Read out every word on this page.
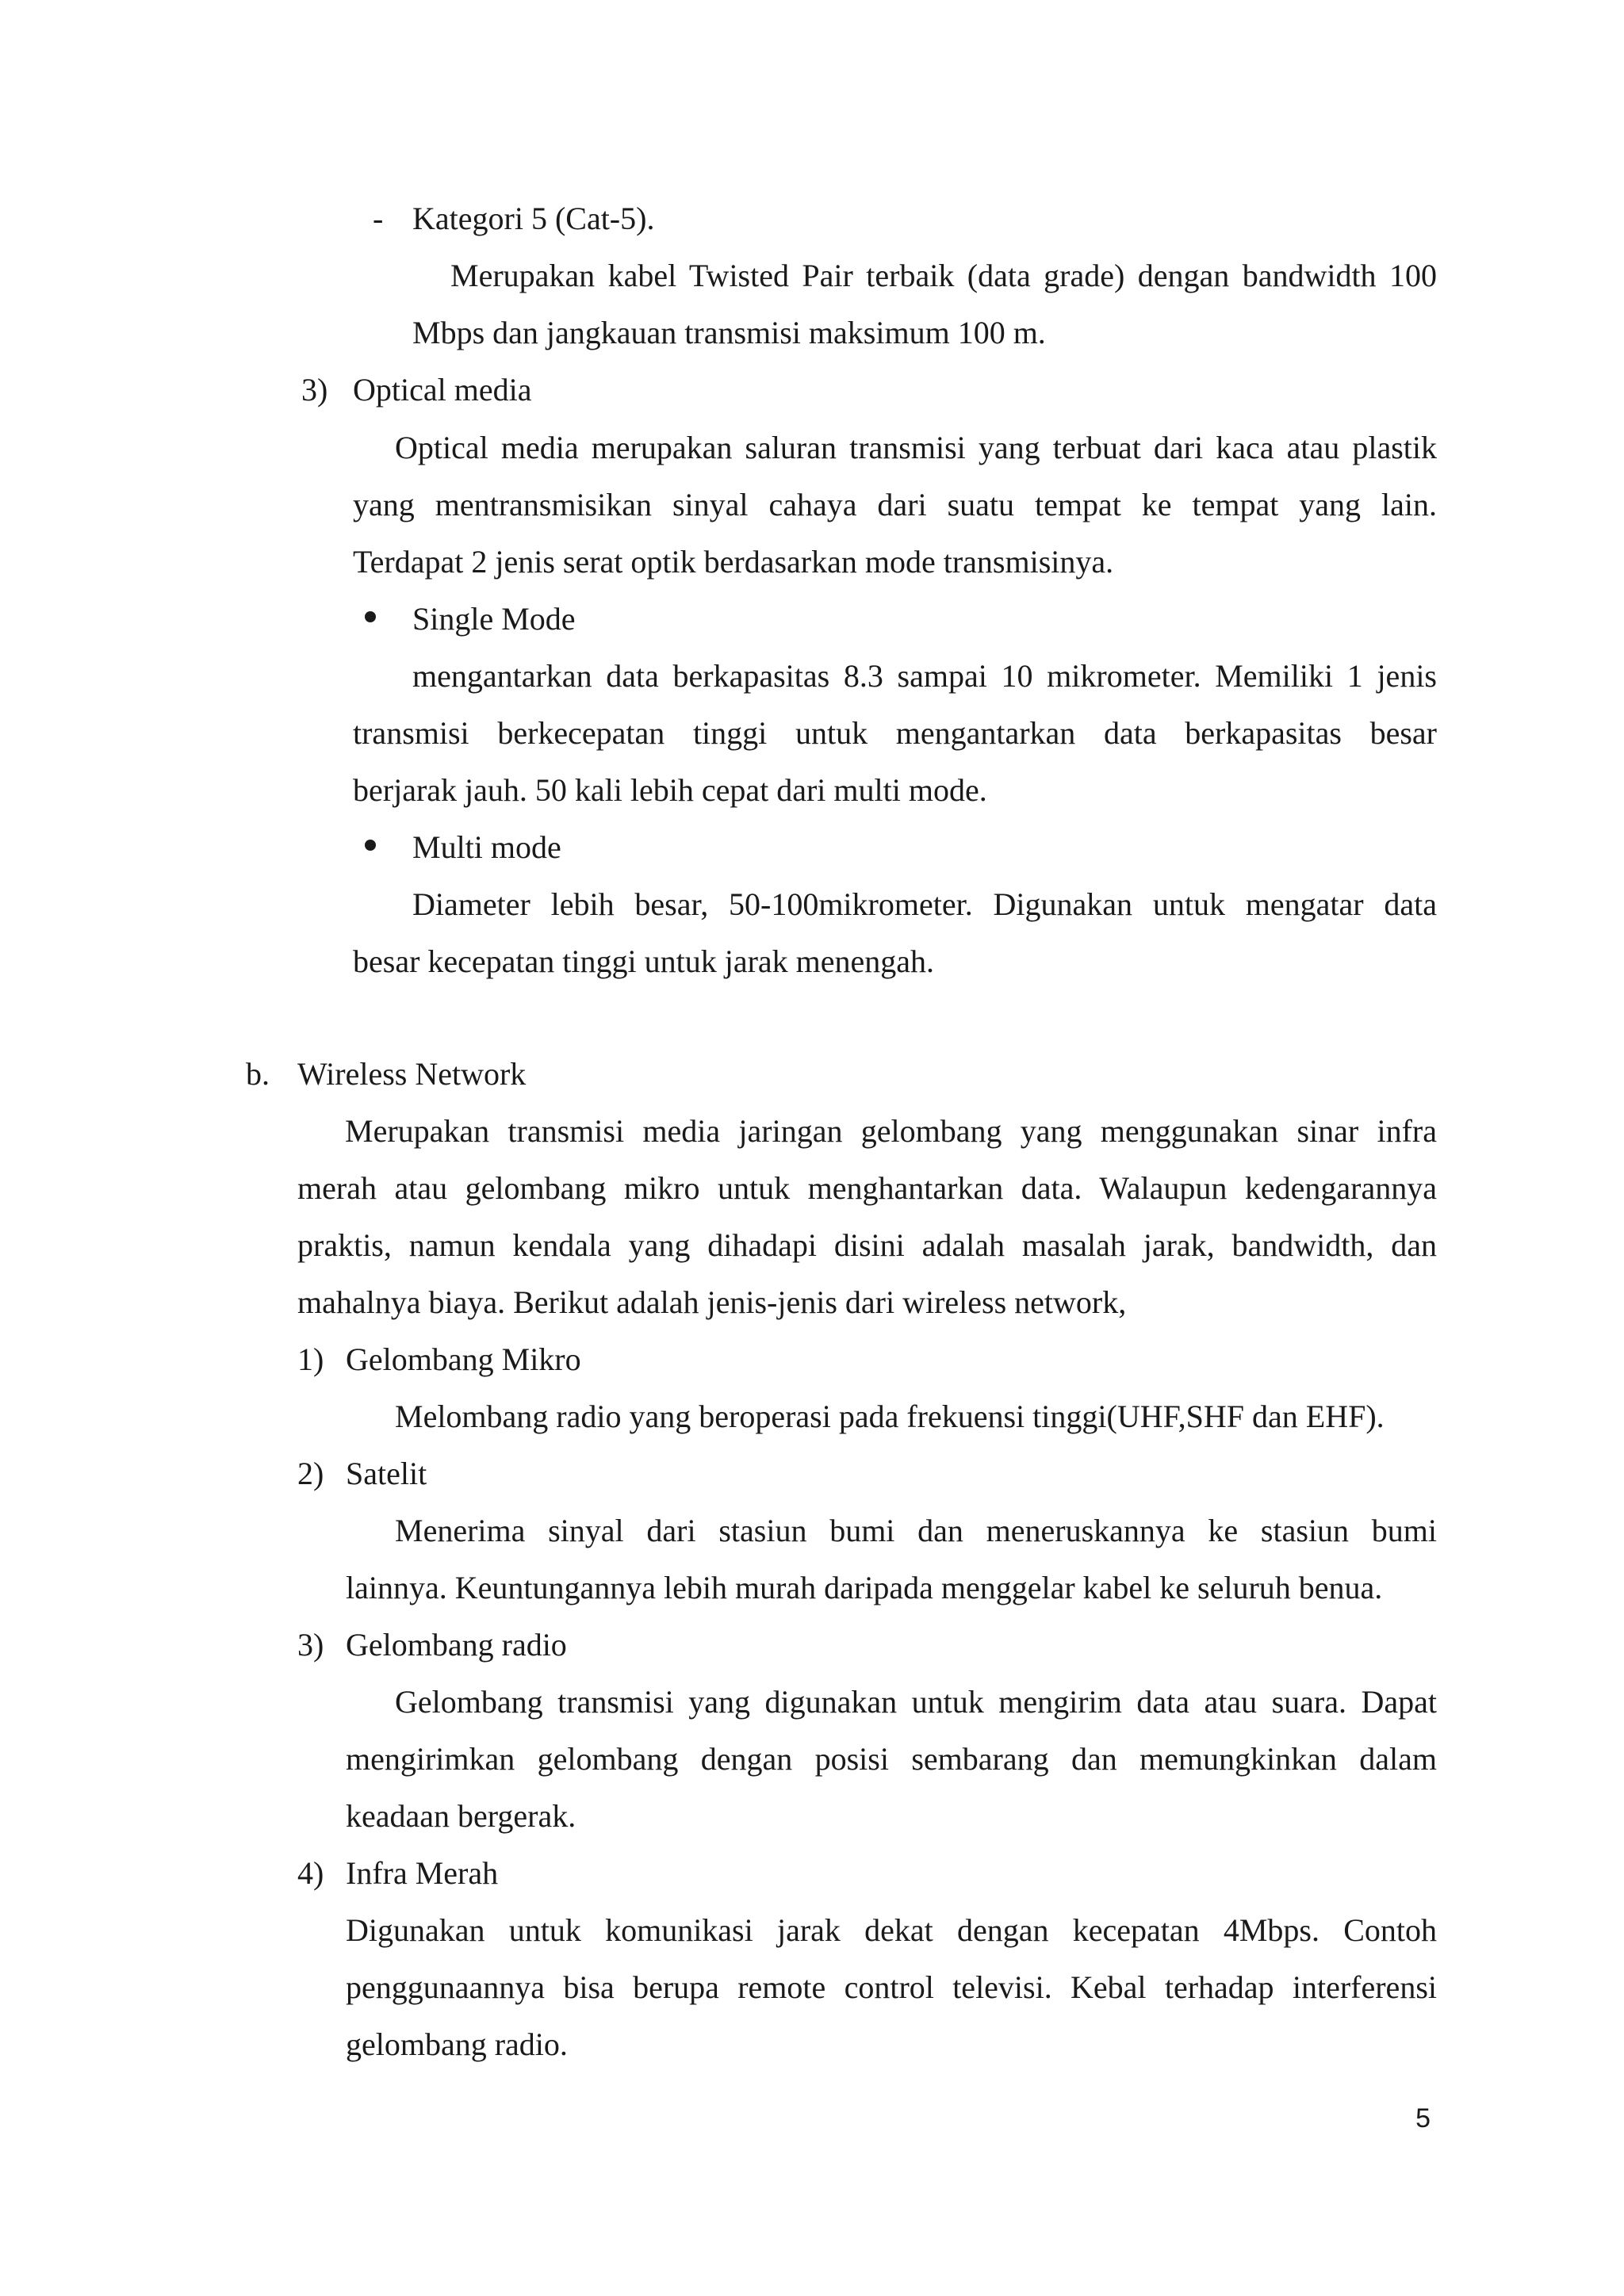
- Kategori 5 (Cat-5).
Merupakan kabel Twisted Pair terbaik (data grade) dengan bandwidth 100
Mbps dan jangkauan transmisi maksimum 100 m.
3) Optical media
Optical media merupakan saluran transmisi yang terbuat dari kaca atau plastik
yang mentransmisikan sinyal cahaya dari suatu tempat ke tempat yang lain.
Terdapat 2 jenis serat optik berdasarkan mode transmisinya.
Single Mode
mengantarkan data berkapasitas 8.3 sampai 10 mikrometer. Memiliki 1 jenis
transmisi berkecepatan tinggi untuk mengantarkan data berkapasitas besar
berjarak jauh. 50 kali lebih cepat dari multi mode.
Multi mode
Diameter lebih besar, 50-100mikrometer. Digunakan untuk mengatar data
besar kecepatan tinggi untuk jarak menengah.
b. Wireless Network
Merupakan transmisi media jaringan gelombang yang menggunakan sinar infra
merah atau gelombang mikro untuk menghantarkan data. Walaupun kedengarannya
praktis, namun kendala yang dihadapi disini adalah masalah jarak, bandwidth, dan
mahalnya biaya. Berikut adalah jenis-jenis dari wireless network,
1) Gelombang Mikro
Melombang radio yang beroperasi pada frekuensi tinggi(UHF,SHF dan EHF).
2) Satelit
Menerima sinyal dari stasiun bumi dan meneruskannya ke stasiun bumi
lainnya. Keuntungannya lebih murah daripada menggelar kabel ke seluruh benua.
3) Gelombang radio
Gelombang transmisi yang digunakan untuk mengirim data atau suara. Dapat
mengirimkan gelombang dengan posisi sembarang dan memungkinkan dalam
keadaan bergerak.
4) Infra Merah
Digunakan untuk komunikasi jarak dekat dengan kecepatan 4Mbps. Contoh
penggunaannya bisa berupa remote control televisi. Kebal terhadap interferensi
gelombang radio.
5
